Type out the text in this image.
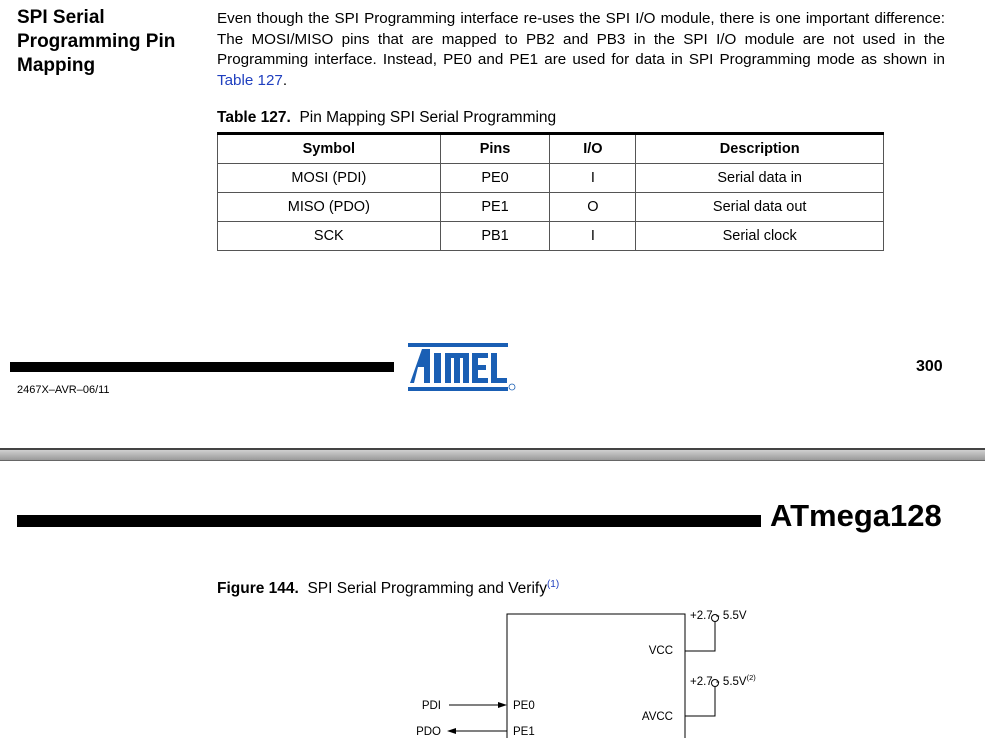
SPI Serial Programming Pin Mapping
Even though the SPI Programming interface re-uses the SPI I/O module, there is one important difference: The MOSI/MISO pins that are mapped to PB2 and PB3 in the SPI I/O module are not used in the Programming interface. Instead, PE0 and PE1 are used for data in SPI Programming mode as shown in Table 127.
Table 127. Pin Mapping SPI Serial Programming
Symbol	Pins	I/O	Description
MOSI (PDI)	PE0	I	Serial data in
MISO (PDO)	PE1	O	Serial data out
SCK	PB1	I	Serial clock
300
2467X–AVR–06/11
ATmega128
Figure 144. SPI Serial Programming and Verify$^{(1)}$
+2.7 - 5.5V
$+2.7 - 5.5V^{(2)}$
VCC
AVCC
PE0
PE1
PDI
PDO
